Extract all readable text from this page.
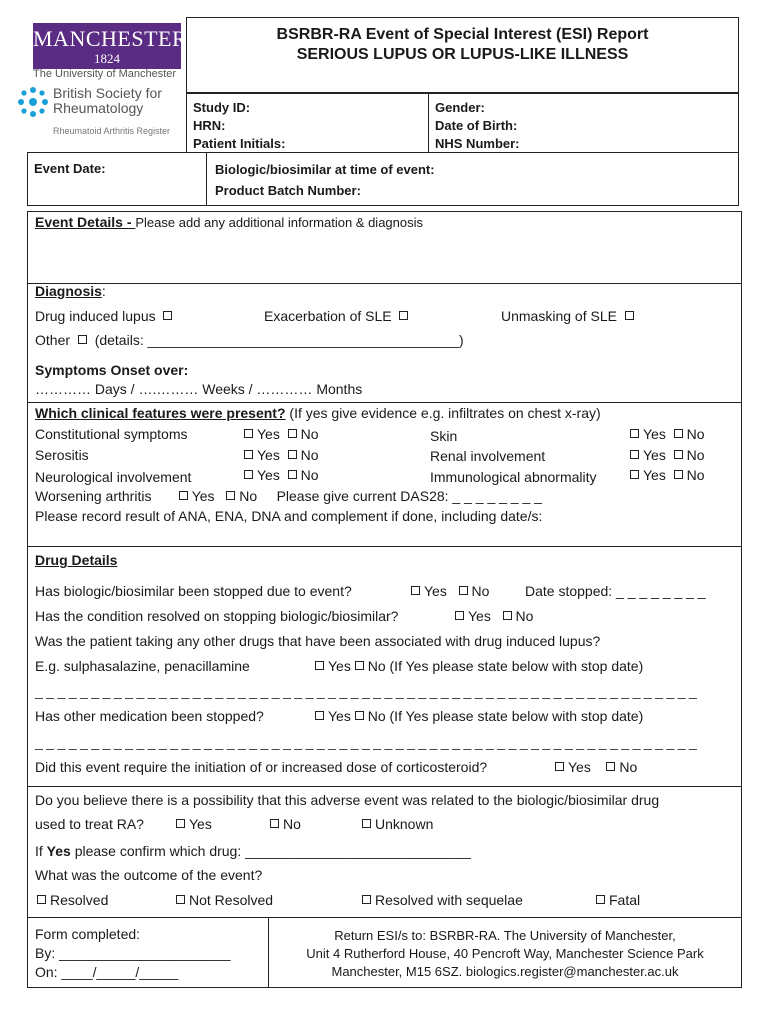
MANCHESTER
1824
The University of Manchester
British Society for
Rheumatology
Rheumatoid Arthritis Register
BSRBR-RA Event of Special Interest (ESI) Report
SERIOUS LUPUS OR LUPUS-LIKE ILLNESS
Study ID:
HRN:
Patient Initials:
Gender:
Date of Birth:
NHS Number:
Event Date:	Biologic/biosimilar at time of event:
Product Batch Number:
Event Details - Please add any additional information & diagnosis
Diagnosis:
Drug induced lupus	Exacerbation of SLE	Unmasking of SLE
Other (details: ________________________________________)
Symptoms Onset over:
………… Days / ….……… Weeks / ………… Months
Which clinical features were present? (If yes give evidence e.g. infiltrates on chest x-ray)
Constitutional symptoms	Yes No	Skin	Yes No
Serositis	Yes No	Renal involvement	Yes No
Neurological involvement	Yes No	Immunological abnormality	Yes No
Worsening arthritis	Yes No Please give current DAS28: _ _ _ _ _ _ _ _
Please record result of ANA, ENA, DNA and complement if done, including date/s:
Drug Details
Has biologic/biosimilar been stopped due to event?	Yes No	Date stopped: _ _ _ _ _ _ _ _
Has the condition resolved on stopping biologic/biosimilar?	Yes No
Was the patient taking any other drugs that have been associated with drug induced lupus?
E.g. sulphasalazine, penacillamine	Yes No (If Yes please state below with stop date)
_ _ _ _ _ _ _ _ _ _ _ _ _ _ _ _ _ _ _ _ _ _ _ _ _ _ _ _ _ _ _ _ _ _ _ _ _ _ _ _ _ _ _ _ _ _ _ _ _ _ _ _ _ _ _ _ _ _ _
Has other medication been stopped?	Yes No (If Yes please state below with stop date)
_ _ _ _ _ _ _ _ _ _ _ _ _ _ _ _ _ _ _ _ _ _ _ _ _ _ _ _ _ _ _ _ _ _ _ _ _ _ _ _ _ _ _ _ _ _ _ _ _ _ _ _ _ _ _ _ _ _ _
Did this event require the initiation of or increased dose of corticosteroid?	Yes No
Do you believe there is a possibility that this adverse event was related to the biologic/biosimilar drug
used to treat RA?	Yes	No	Unknown
If Yes please confirm which drug: _____________________________
What was the outcome of the event?
Resolved	Not Resolved	Resolved with sequelae	Fatal
Form completed:
By: ______________________
On: ____/_____/_____
Return ESI/s to: BSRBR-RA. The University of Manchester,
Unit 4 Rutherford House, 40 Pencroft Way, Manchester Science Park
Manchester, M15 6SZ. biologics.register@manchester.ac.uk
